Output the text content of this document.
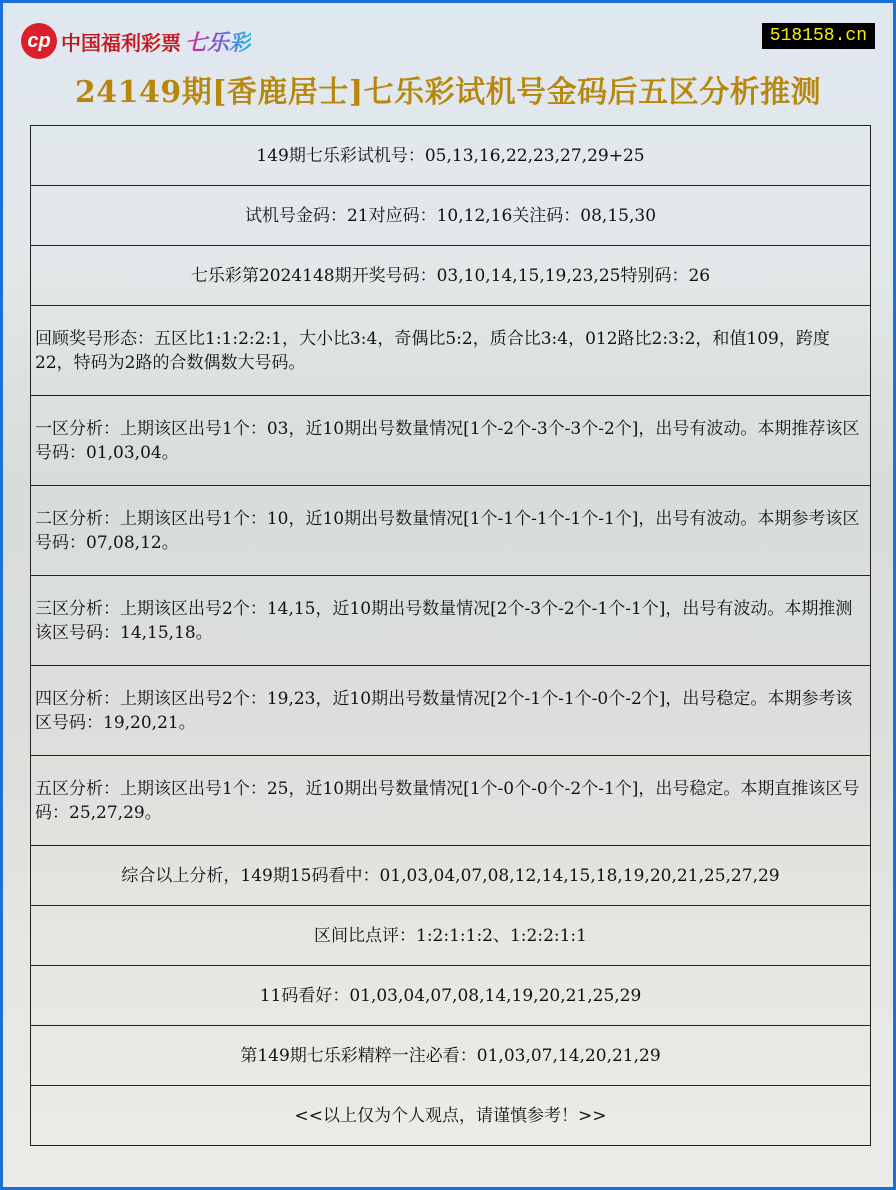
cp 中国福利彩票 七乐彩	518158.cn
24149期[香鹿居士]七乐彩试机号金码后五区分析推测
149期七乐彩试机号：05,13,16,22,23,27,29+25
试机号金码：21对应码：10,12,16关注码：08,15,30
七乐彩第2024148期开奖号码：03,10,14,15,19,23,25特别码：26
回顾奖号形态：五区比1:1:2:2:1，大小比3:4，奇偶比5:2，质合比3:4，012路比2:3:2，和值109，跨度22，特码为2路的合数偶数大号码。
一区分析：上期该区出号1个：03，近10期出号数量情况[1个-2个-3个-3个-2个]，出号有波动。本期推荐该区号码：01,03,04。
二区分析：上期该区出号1个：10，近10期出号数量情况[1个-1个-1个-1个-1个]，出号有波动。本期参考该区号码：07,08,12。
三区分析：上期该区出号2个：14,15，近10期出号数量情况[2个-3个-2个-1个-1个]，出号有波动。本期推测该区号码：14,15,18。
四区分析：上期该区出号2个：19,23，近10期出号数量情况[2个-1个-1个-0个-2个]，出号稳定。本期参考该区号码：19,20,21。
五区分析：上期该区出号1个：25，近10期出号数量情况[1个-0个-0个-2个-1个]，出号稳定。本期直推该区号码：25,27,29。
综合以上分析，149期15码看中：01,03,04,07,08,12,14,15,18,19,20,21,25,27,29
区间比点评：1:2:1:1:2、1:2:2:1:1
11码看好：01,03,04,07,08,14,19,20,21,25,29
第149期七乐彩精粹一注必看：01,03,07,14,20,21,29
<<以上仅为个人观点，请谨慎参考！>>
